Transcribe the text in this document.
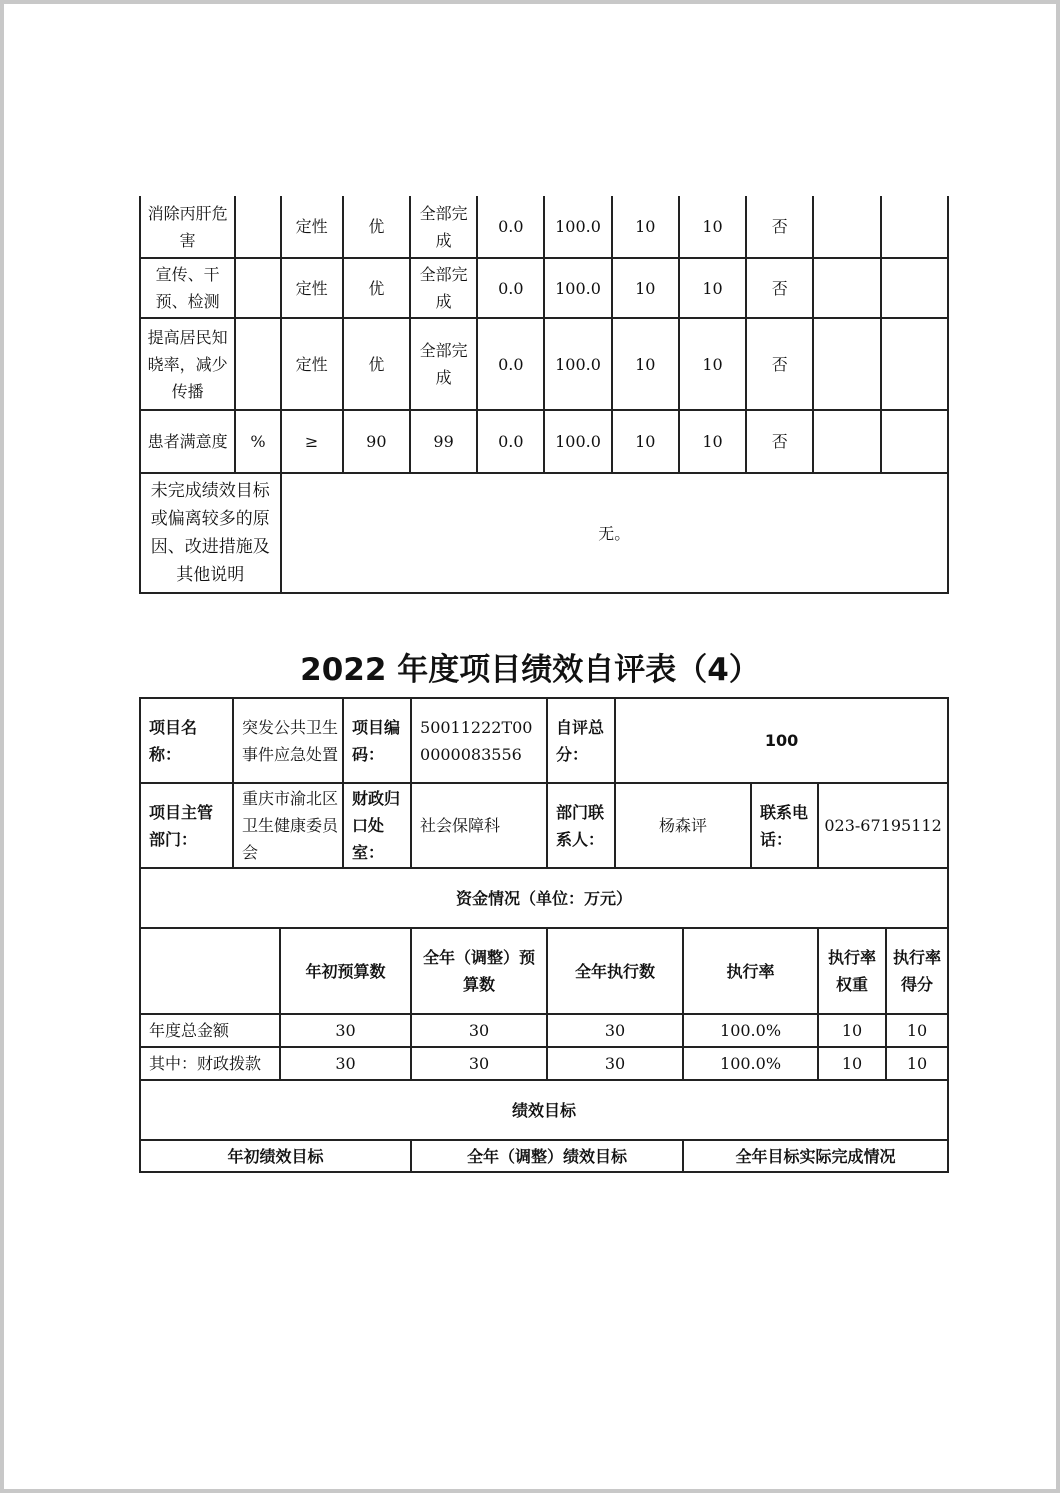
消除丙肝危害		定性	优	全部完成	0.0	100.0	10	10	否		
宣传、干预、检测		定性	优	全部完成	0.0	100.0	10	10	否		
提高居民知晓率，减少传播		定性	优	全部完成	0.0	100.0	10	10	否		
患者满意度	%	≥	90	99	0.0	100.0	10	10	否		
未完成绩效目标或偏离较多的原因、改进措施及其他说明		无。									
2022 年度项目绩效自评表（4）
项目名称：	突发公共卫生事件应急处置		项目编码：	50011222T000000083556	自评总分：	100				
项目主管部门：	重庆市渝北区卫生健康委员会		财政归口处室：	社会保障科	部门联系人：	杨森评		联系电话：	023-67195112	
资金情况（单位：万元）										
		年初预算数		全年（调整）预算数	全年执行数		执行率		执行率权重	执行率得分
年度总金额		30		30	30		100.0%		10	10
其中：财政拨款		30		30	30		100.0%		10	10
绩效目标										
年初绩效目标				全年（调整）绩效目标			全年目标实际完成情况			
